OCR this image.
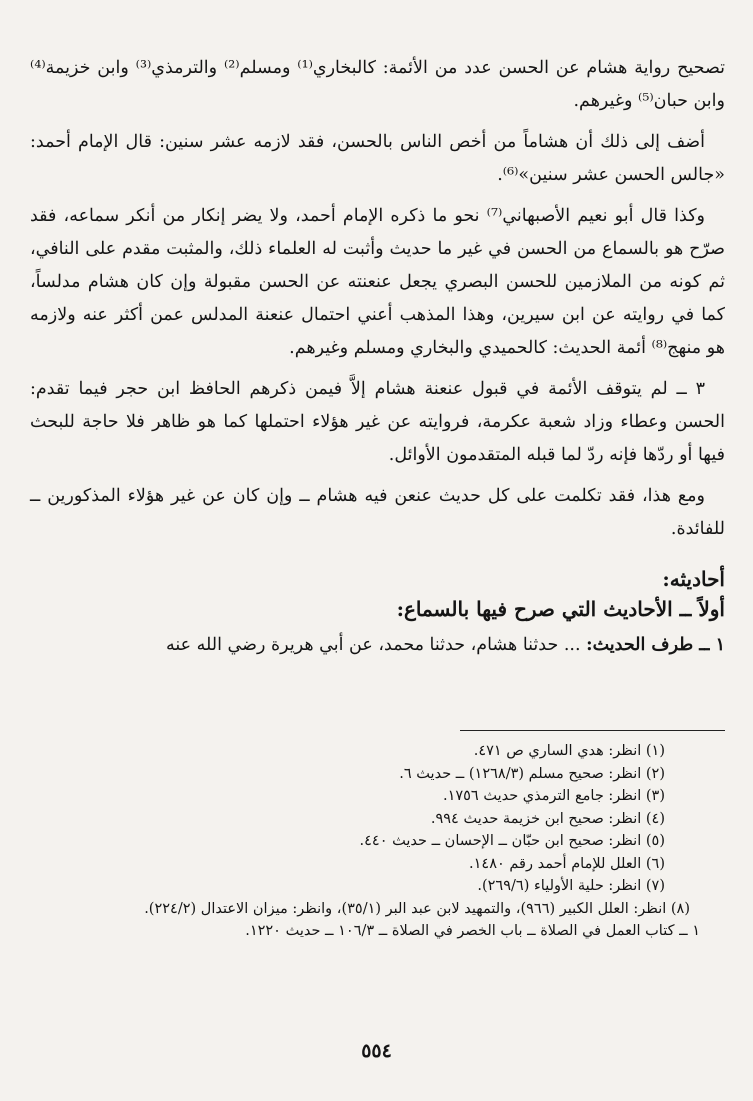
تصحيح رواية هشام عن الحسن عدد من الأئمة: كالبخاري⁽¹⁾ ومسلم⁽²⁾ والترمذي⁽³⁾ وابن خزيمة⁽⁴⁾ وابن حبان⁽⁵⁾ وغيرهم.

أضف إلى ذلك أن هشاماً من أخص الناس بالحسن، فقد لازمه عشر سنين: قال الإمام أحمد: «جالس الحسن عشر سنين»⁽⁶⁾.

وكذا قال أبو نعيم الأصبهاني⁽⁷⁾ نحو ما ذكره الإمام أحمد، ولا يضر إنكار من أنكر سماعه، فقد صرّح هو بالسماع من الحسن في غير ما حديث وأثبت له العلماء ذلك، والمثبت مقدم على النافي، ثم كونه من الملازمين للحسن البصري يجعل عنعنته عن الحسن مقبولة وإن كان هشام مدلساً، كما في روايته عن ابن سيرين، وهذا المذهب أعني احتمال عنعنة المدلس عمن أكثر عنه ولازمه هو منهج⁽⁸⁾ أئمة الحديث: كالحميدي والبخاري ومسلم وغيرهم.

٣ ــ لم يتوقف الأئمة في قبول عنعنة هشام إلاَّ فيمن ذكرهم الحافظ ابن حجر فيما تقدم: الحسن وعطاء وزاد شعبة عكرمة، فروايته عن غير هؤلاء احتملها كما هو ظاهر فلا حاجة للبحث فيها أو ردّها فإنه ردّ لما قبله المتقدمون الأوائل.

ومع هذا، فقد تكلمت على كل حديث عنعن فيه هشام ــ وإن كان عن غير هؤلاء المذكورين ــ للفائدة.

أحاديثه:

أولاً ــ الأحاديث التي صرح فيها بالسماع:

١ ــ طرف الحديث: ... حدثنا هشام، حدثنا محمد، عن أبي هريرة رضي الله عنه

(١) انظر: هدي الساري ص ٤٧١.

(٢) انظر: صحيح مسلم (١٢٦٨/٣) ــ حديث ٦.

(٣) انظر: جامع الترمذي حديث ١٧٥٦.

(٤) انظر: صحيح ابن خزيمة حديث ٩٩٤.

(٥) انظر: صحيح ابن حبّان ــ الإحسان ــ حديث ٤٤٠.

(٦) العلل للإمام أحمد رقم ١٤٨٠.

(٧) انظر: حلية الأولياء (٢٦٩/٦).

(٨) انظر: العلل الكبير (٩٦٦)، والتمهيد لابن عبد البر (٣٥/١)، وانظر: ميزان الاعتدال (٢٢٤/٢).

١ ــ كتاب العمل في الصلاة ــ باب الخصر في الصلاة ــ ١٠٦/٣ ــ حديث ١٢٢٠.

٥٥٤
